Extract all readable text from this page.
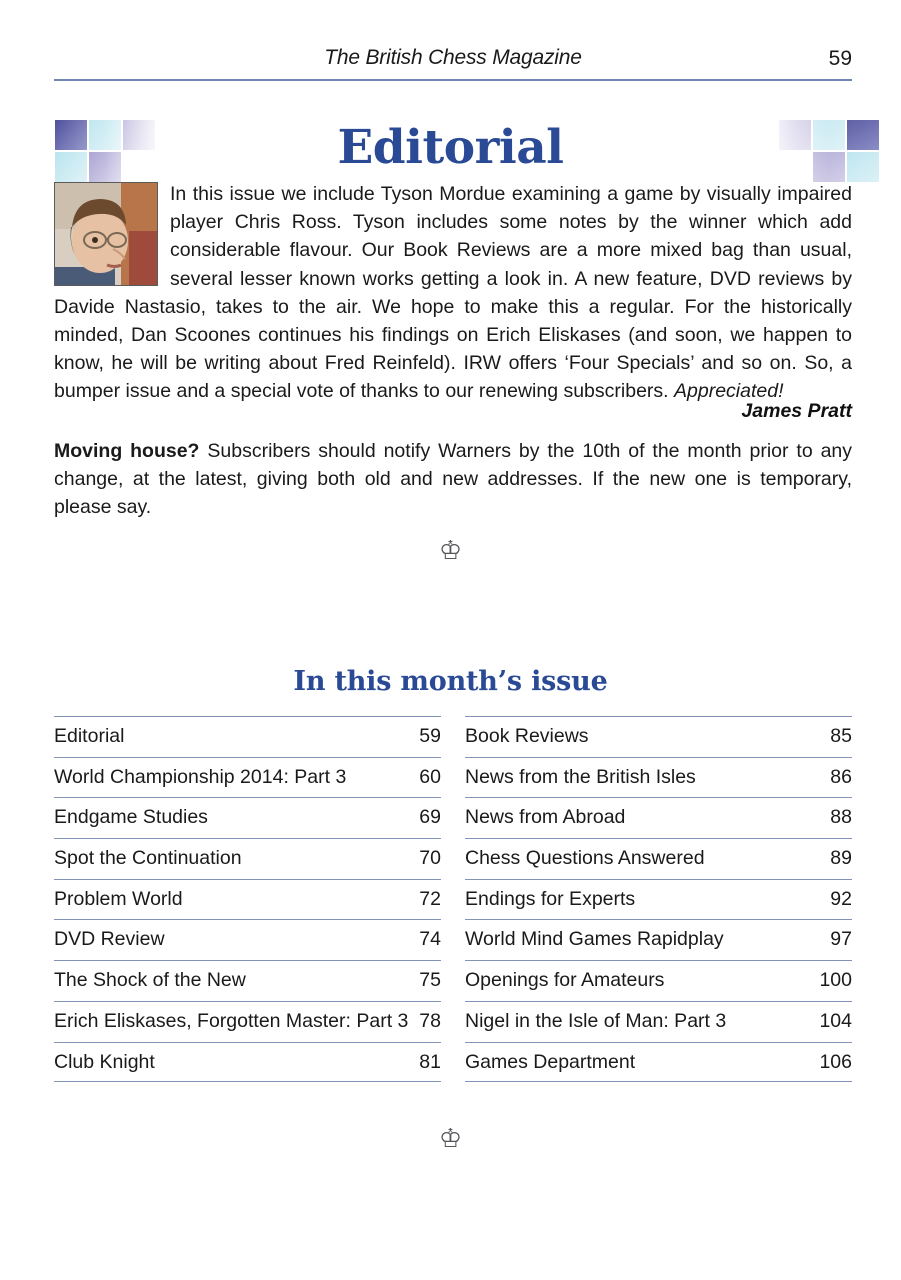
The British Chess Magazine	59
Editorial
In this issue we include Tyson Mordue examining a game by visually impaired player Chris Ross. Tyson includes some notes by the winner which add considerable flavour. Our Book Reviews are a more mixed bag than usual, several lesser known works getting a look in. A new feature, DVD reviews by Davide Nastasio, takes to the air. We hope to make this a regular. For the historically minded, Dan Scoones continues his findings on Erich Eliskases (and soon, we happen to know, he will be writing about Fred Reinfeld). IRW offers ‘Four Specials’ and so on. So, a bumper issue and a special vote of thanks to our renewing subscribers. Appreciated!
James Pratt
Moving house? Subscribers should notify Warners by the 10th of the month prior to any change, at the latest, giving both old and new addresses. If the new one is temporary, please say.
♔
In this month’s issue
Editorial	59
World Championship 2014: Part 3	60
Endgame Studies	69
Spot the Continuation	70
Problem World	72
DVD Review	74
The Shock of the New	75
Erich Eliskases, Forgotten Master: Part 3 78
Club Knight	81
Book Reviews	85
News from the British Isles	86
News from Abroad	88
Chess Questions Answered	89
Endings for Experts	92
World Mind Games Rapidplay	97
Openings for Amateurs	100
Nigel in the Isle of Man: Part 3	104
Games Department	106
♔
